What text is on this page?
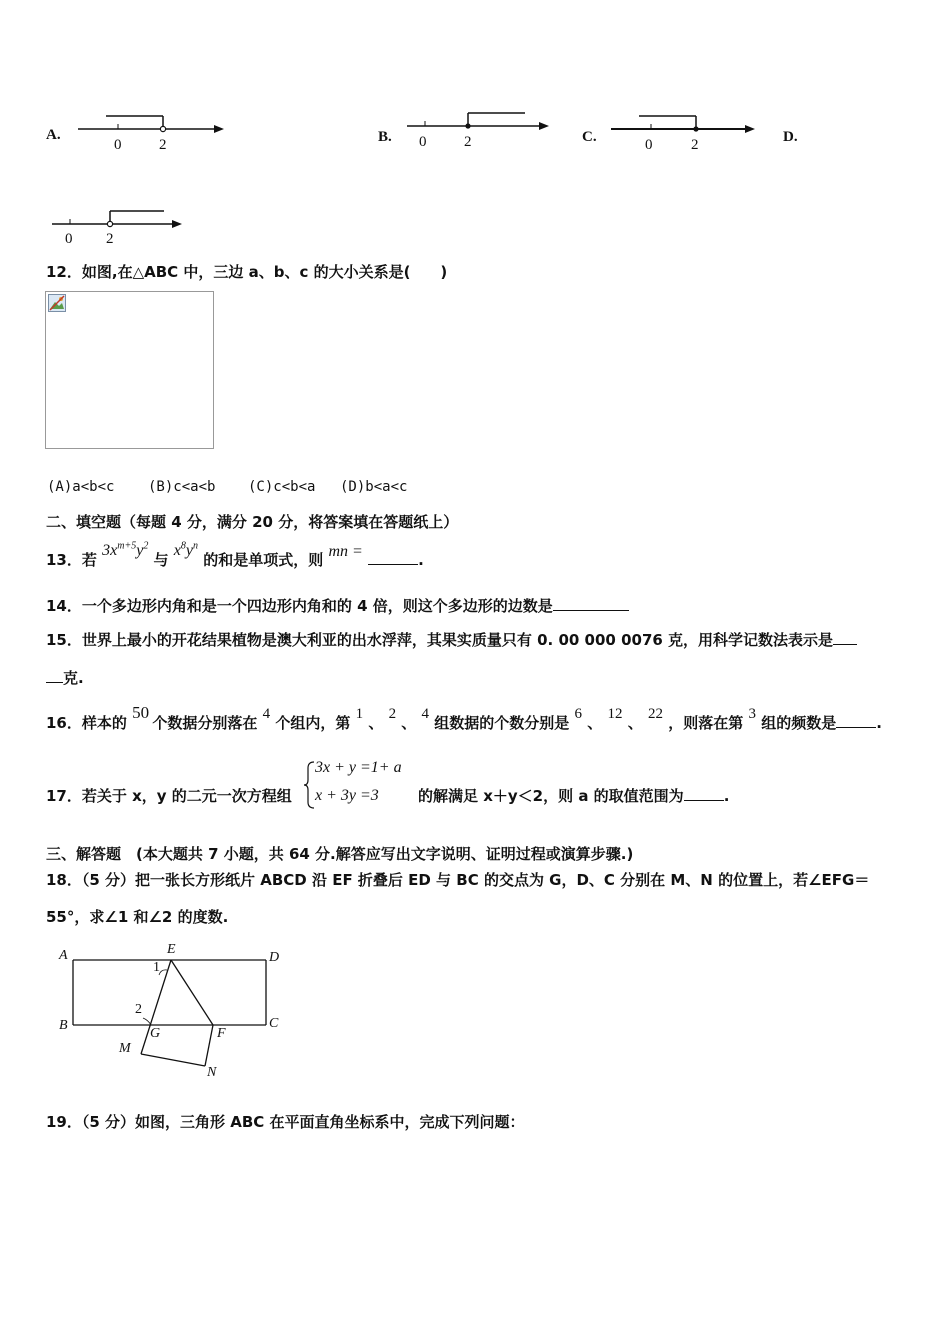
A.
0	2	B. 0	2	C.	0	2	D.
0 2
12．如图,在△ABC 中，三边 a、b、c 的大小关系是(　　)
(A)a<b<c (B)c<a<b (C)c<b<a (D)b<a<c
二、填空题（每题 4 分，满分 20 分，将答案填在答题纸上）
13．若 $3x^{m+5}y^2$ 与 $x^8y^n$ 的和是单项式，则 mn =	.
14．一个多边形内角和是一个四边形内角和的 4 倍，则这个多边形的边数是
15．世界上最小的开花结果植物是澳大利亚的出水浮萍，其果实质量只有 0. 00 000 0076 克，用科学记数法表示是
克.
16．样本的 50 个数据分别落在 4 个组内，第 1 、 2 、 4 组数据的个数分别是 6 、 12 、 22 ，则落在第 3 组的频数是	.
17．若关于 x，y 的二元一次方程组
3x + y =1+ a
x + 3y =3	的解满足 x＋y＜2，则 a 的取值范围为	.
三、解答题　(本大题共 7 小题，共 64 分.解答应写出文字说明、证明过程或演算步骤.)
18．（5 分）把一张长方形纸片 ABCD 沿 EF 折叠后 ED 与 BC 的交点为 G，D、C 分别在 M、N 的位置上，若∠EFG＝
55°，求∠1 和∠2 的度数.
A	E
D
1
2
B
G	F
C
M
N
19．（5 分）如图，三角形 ABC 在平面直角坐标系中，完成下列问题：
